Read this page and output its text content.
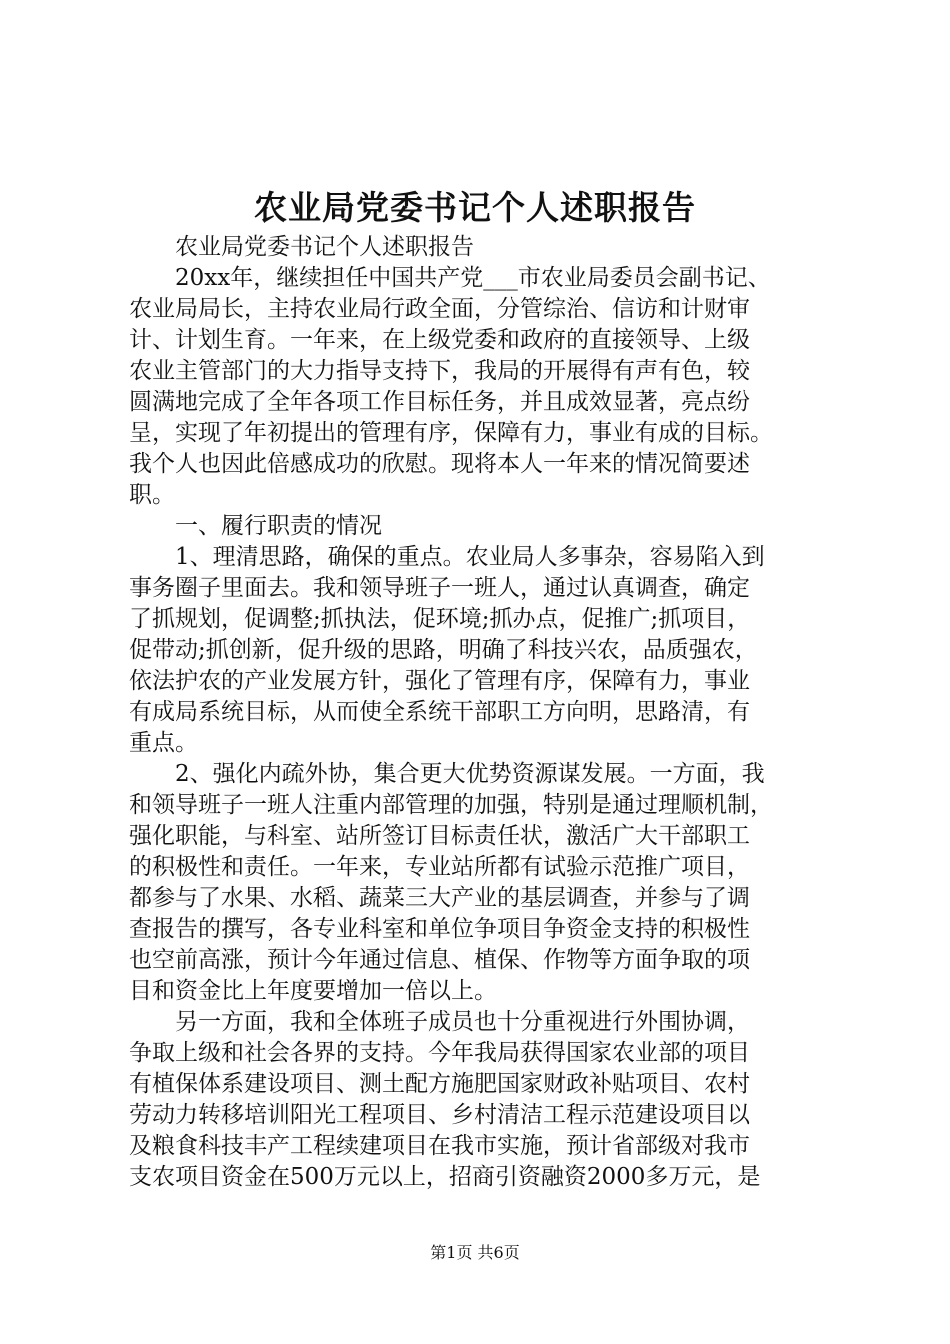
农业局党委书记个人述职报告
　　农业局党委书记个人述职报告
　　20xx年，继续担任中国共产党___市农业局委员会副书记、
农业局局长，主持农业局行政全面，分管综治、信访和计财审
计、计划生育。一年来，在上级党委和政府的直接领导、上级
农业主管部门的大力指导支持下，我局的开展得有声有色，较
圆满地完成了全年各项工作目标任务，并且成效显著，亮点纷
呈，实现了年初提出的管理有序，保障有力，事业有成的目标。
我个人也因此倍感成功的欣慰。现将本人一年来的情况简要述
职。
　　一、履行职责的情况
　　1、理清思路，确保的重点。农业局人多事杂，容易陷入到
事务圈子里面去。我和领导班子一班人，通过认真调查，确定
了抓规划，促调整;抓执法，促环境;抓办点，促推广;抓项目，
促带动;抓创新，促升级的思路，明确了科技兴农，品质强农，
依法护农的产业发展方针，强化了管理有序，保障有力，事业
有成局系统目标，从而使全系统干部职工方向明，思路清，有
重点。
　　2、强化内疏外协，集合更大优势资源谋发展。一方面，我
和领导班子一班人注重内部管理的加强，特别是通过理顺机制，
强化职能，与科室、站所签订目标责任状，激活广大干部职工
的积极性和责任。一年来，专业站所都有试验示范推广项目，
都参与了水果、水稻、蔬菜三大产业的基层调查，并参与了调
查报告的撰写，各专业科室和单位争项目争资金支持的积极性
也空前高涨，预计今年通过信息、植保、作物等方面争取的项
目和资金比上年度要增加一倍以上。
　　另一方面，我和全体班子成员也十分重视进行外围协调，
争取上级和社会各界的支持。今年我局获得国家农业部的项目
有植保体系建设项目、测土配方施肥国家财政补贴项目、农村
劳动力转移培训阳光工程项目、乡村清洁工程示范建设项目以
及粮食科技丰产工程续建项目在我市实施，预计省部级对我市
支农项目资金在500万元以上，招商引资融资2000多万元，是
第1页 共6页
